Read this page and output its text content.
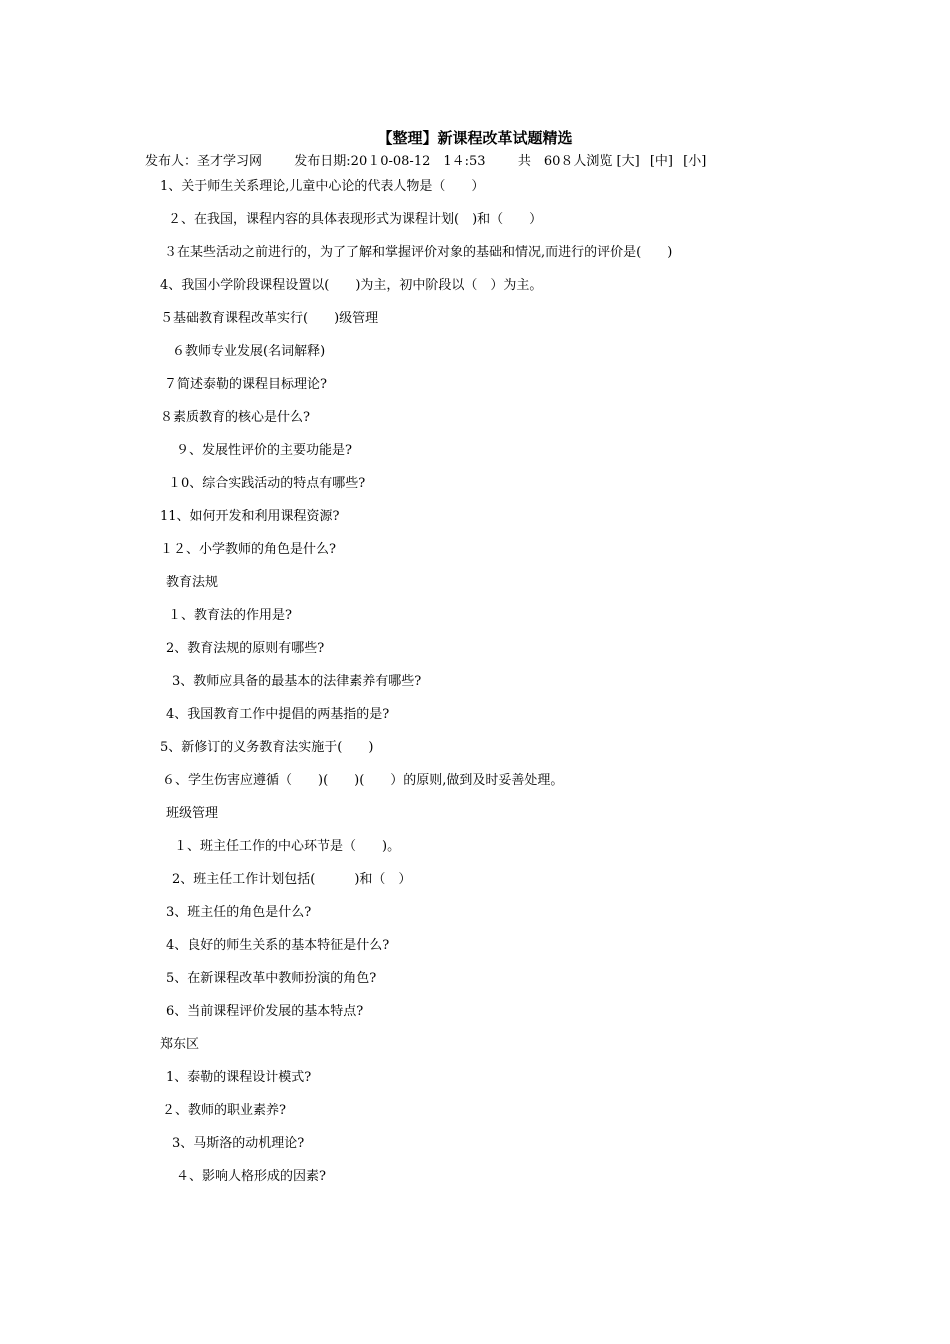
【整理】新课程改革试题精选
发布人：圣才学习网 发布日期:20１0-08-12　1４:53 共　60８人浏览 [大] [中] [小]
1、关于师生关系理论,儿童中心论的代表人物是（　　）
２、在我国，课程内容的具体表现形式为课程计划(　)和（　　）
３在某些活动之前进行的，为了了解和掌握评价对象的基础和情况,而进行的评价是(　　)
4、我国小学阶段课程设置以(　　)为主，初中阶段以（　）为主。
５基础教育课程改革实行(　　)级管理
６教师专业发展(名词解释)
７简述泰勒的课程目标理论?
８素质教育的核心是什么?
９、发展性评价的主要功能是?
１0、综合实践活动的特点有哪些?
11、如何开发和利用课程资源?
１２、小学教师的角色是什么?
教育法规
１、教育法的作用是?
2、教育法规的原则有哪些?
3、教师应具备的最基本的法律素养有哪些?
4、我国教育工作中提倡的两基指的是?
5、新修订的义务教育法实施于(　　)
６、学生伤害应遵循（　　)(　　)(　　）的原则,做到及时妥善处理。
班级管理
１、班主任工作的中心环节是（　　)。
2、班主任工作计划包括(　　　)和（　）
3、班主任的角色是什么?
4、良好的师生关系的基本特征是什么?
5、在新课程改革中教师扮演的角色?
6、当前课程评价发展的基本特点?
郑东区
1、泰勒的课程设计模式?
２、教师的职业素养?
3、马斯洛的动机理论?
４、影响人格形成的因素?
